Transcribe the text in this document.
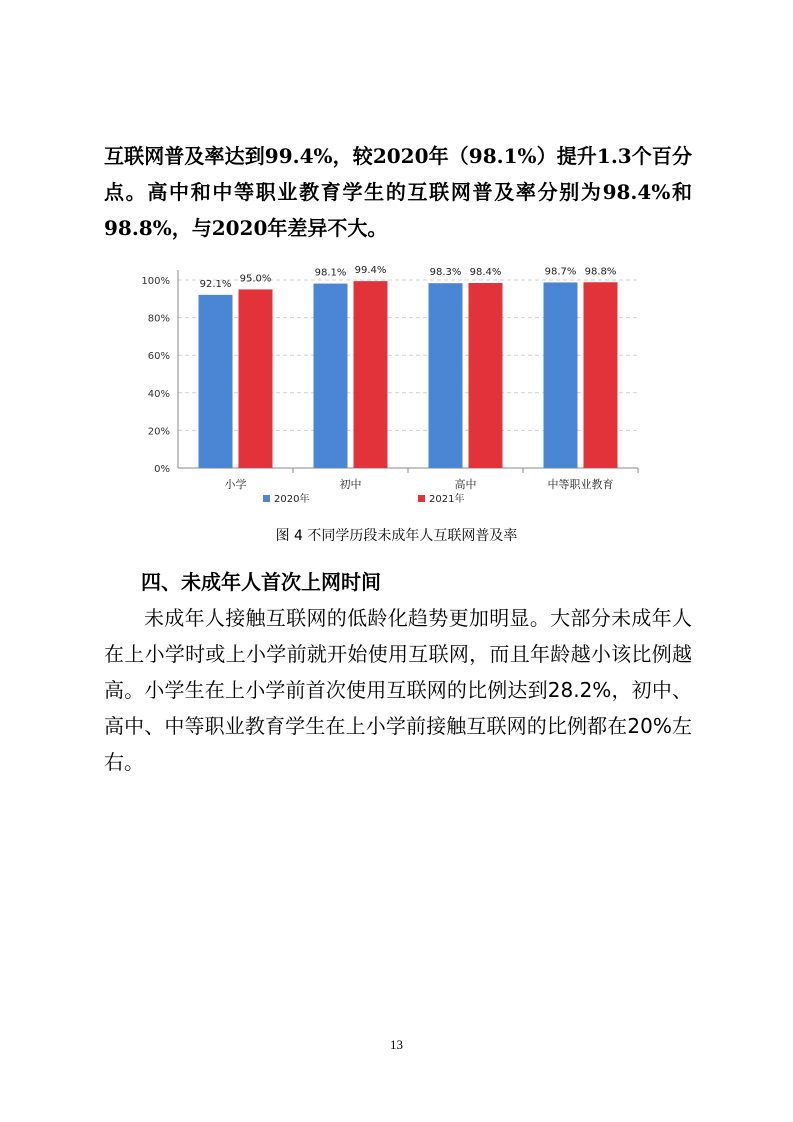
互联网普及率达到99.4%，较2020年（98.1%）提升1.3个百分点。高中和中等职业教育学生的互联网普及率分别为98.4%和98.8%，与2020年差异不大。
0%
20%
40%
60%
80%
100%	92.1% 95.0%
小学
98.1% 99.4%
初中
98.3% 98.4%
高中
98.7% 98.8%
中等职业教育
2020年	2021年
图 4 不同学历段未成年人互联网普及率
四、未成年人首次上网时间
未成年人接触互联网的低龄化趋势更加明显。大部分未成年人在上小学时或上小学前就开始使用互联网，而且年龄越小该比例越高。小学生在上小学前首次使用互联网的比例达到28.2%，初中、高中、中等职业教育学生在上小学前接触互联网的比例都在20%左右。
13
